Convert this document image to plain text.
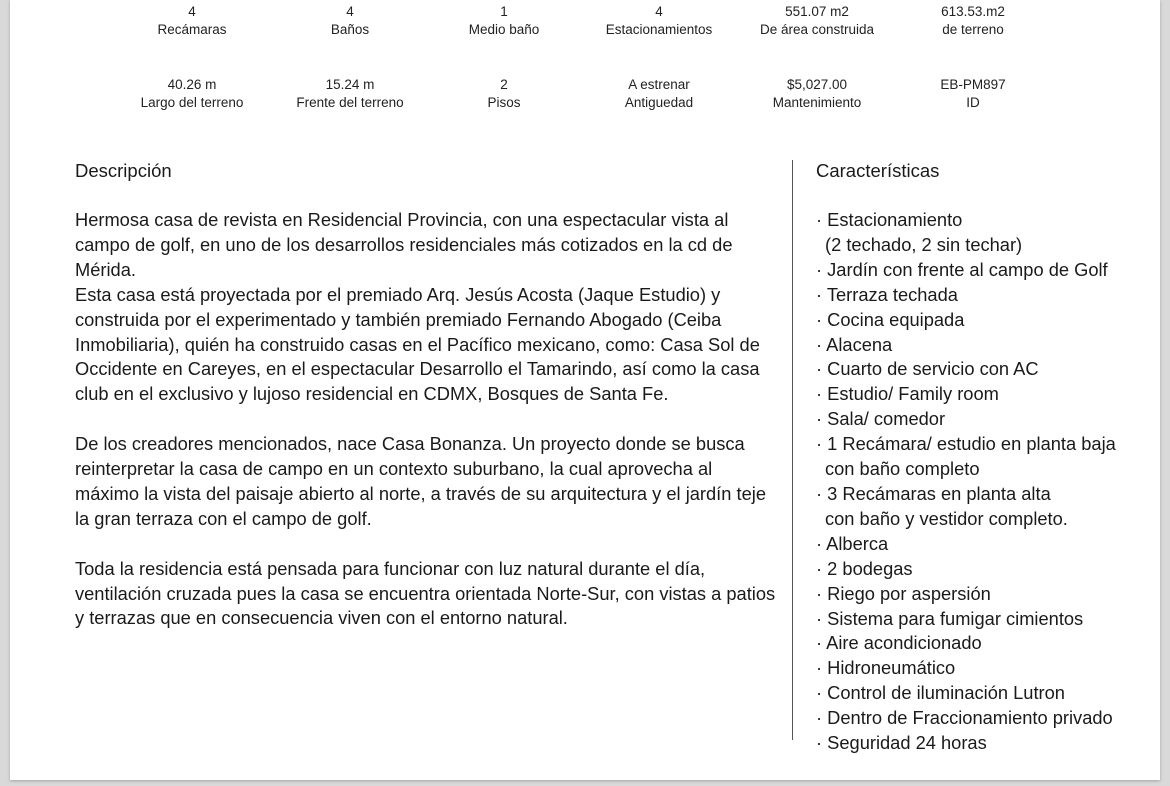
4
Recámaras
4
Baños
1
Medio baño
4
Estacionamientos
551.07 m2
De área construida
613.53.m2
de terreno
40.26 m
Largo del terreno
15.24 m
Frente del terreno
2
Pisos
A estrenar
Antiguedad
$5,027.00
Mantenimiento
EB-PM897
ID
Descripción

Hermosa casa de revista en Residencial Provincia, con una espectacular vista al campo de golf, en uno de los desarrollos residenciales más cotizados en la cd de Mérida.

Esta casa está proyectada por el premiado Arq. Jesús Acosta (Jaque Estudio) y construida por el experimentado y también premiado Fernando Abogado (Ceiba Inmobiliaria), quién ha construido casas en el Pacífico mexicano, como: Casa Sol de Occidente en Careyes, en el espectacular Desarrollo el Tamarindo, así como la casa club en el exclusivo y lujoso residencial en CDMX, Bosques de Santa Fe.

De los creadores mencionados, nace Casa Bonanza. Un proyecto donde se busca reinterpretar la casa de campo en un contexto suburbano, la cual aprovecha al máximo la vista del paisaje abierto al norte, a través de su arquitectura y el jardín teje la gran terraza con el campo de golf.

Toda la residencia está pensada para funcionar con luz natural durante el día, ventilación cruzada pues la casa se encuentra orientada Norte-Sur, con vistas a patios y terrazas que en consecuencia viven con el entorno natural.

Características
· Estacionamiento
(2 techado, 2 sin techar)
· Jardín con frente al campo de Golf
· Terraza techada
· Cocina equipada
· Alacena
· Cuarto de servicio con AC
· Estudio/ Family room
· Sala/ comedor
· 1 Recámara/ estudio en planta baja
con baño completo
· 3 Recámaras en planta alta
con baño y vestidor completo.
· Alberca
· 2 bodegas
· Riego por aspersión
· Sistema para fumigar cimientos
· Aire acondicionado
· Hidroneumático
· Control de iluminación Lutron
· Dentro de Fraccionamiento privado
· Seguridad 24 horas
